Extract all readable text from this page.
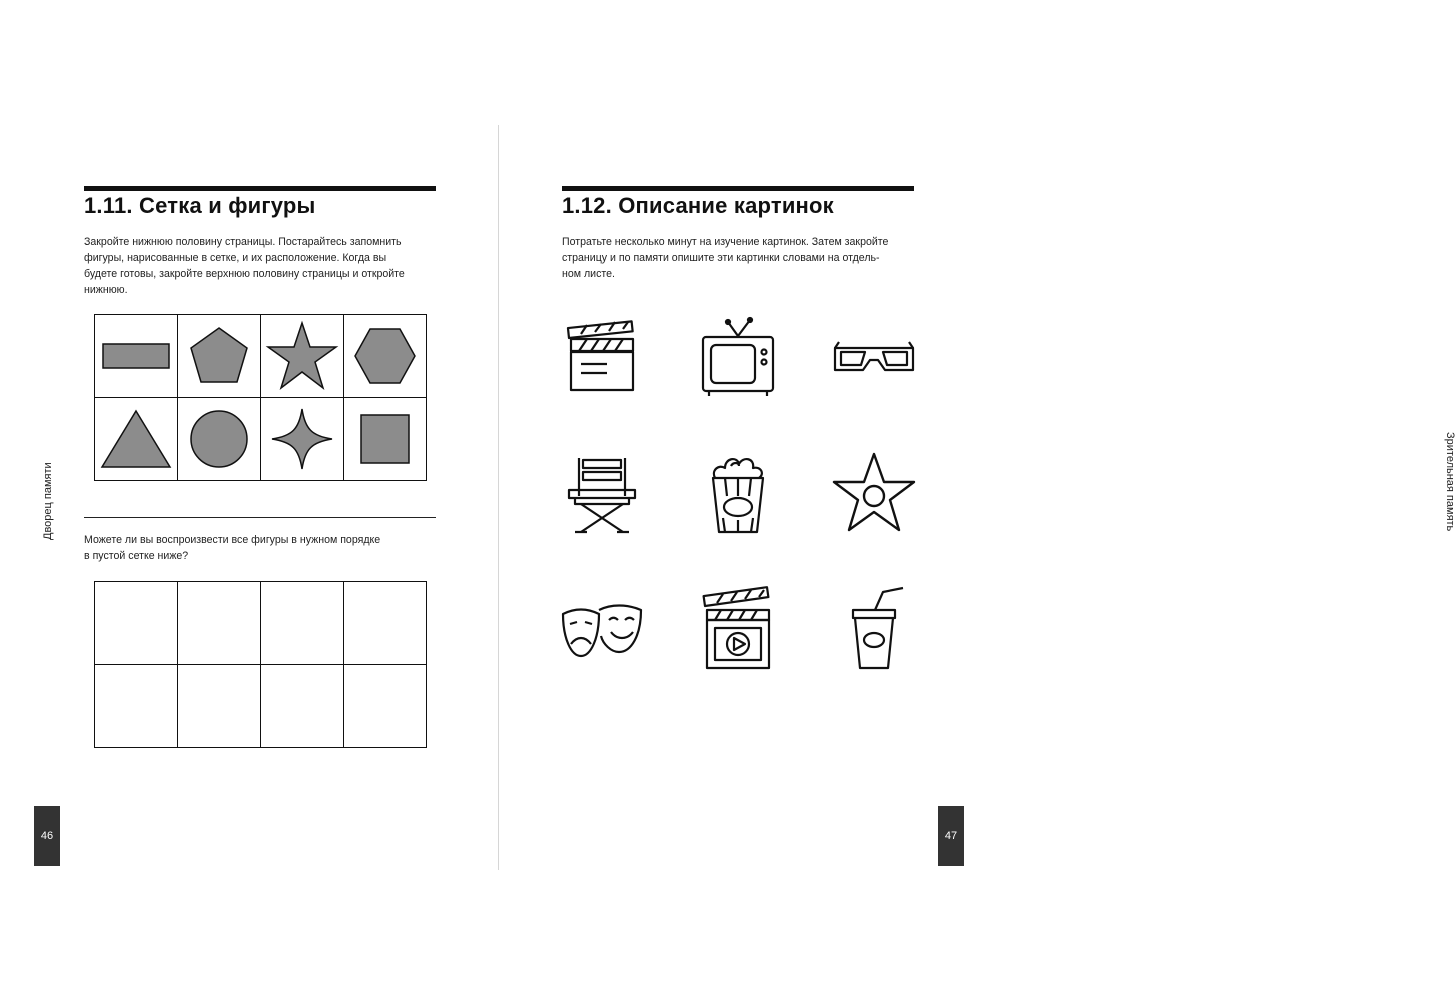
1.11. Сетка и фигуры
Закройте нижнюю половину страницы. Постарайтесь запомнить
фигуры, нарисованные в сетке, и их расположение. Когда вы
будете готовы, закройте верхнюю половину страницы и откройте
нижнюю.

Можете ли вы воспроизвести все фигуры в нужном порядке
в пустой сетке ниже?

Дворец памяти
46
1.12. Описание картинок
Потратьте несколько минут на изучение картинок. Затем закройте
страницу и по памяти опишите эти картинки словами на отдель-
ном листе.
Зрительная память
47
